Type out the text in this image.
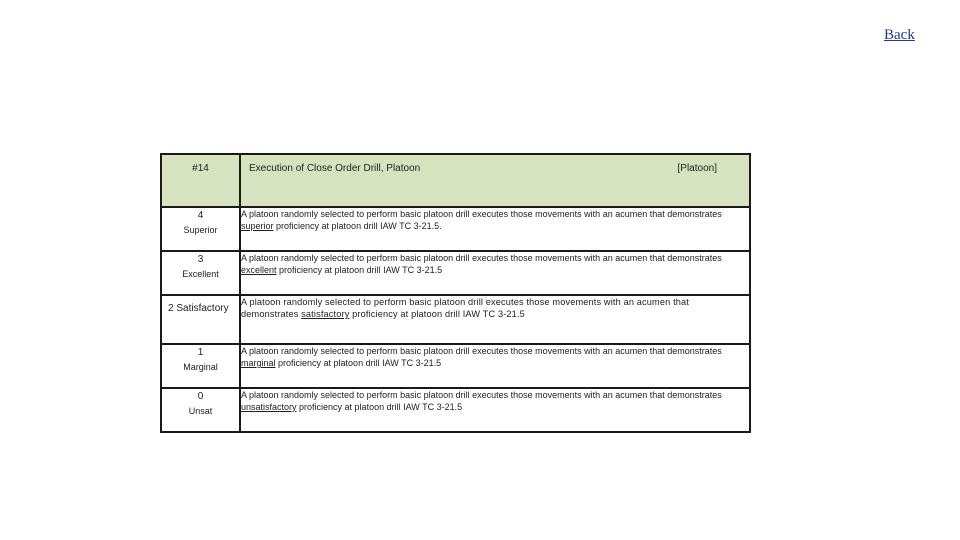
Back
#14	Execution of Close Order Drill, Platoon [Platoon]

4
Superior	A platoon randomly selected to perform basic platoon drill executes those movements with an acumen that demonstrates superior proficiency at platoon drill IAW TC 3-21.5.

3
Excellent	A platoon randomly selected to perform basic platoon drill executes those movements with an acumen that demonstrates excellent proficiency at platoon drill IAW TC 3-21.5
2 Satisfactory	A platoon randomly selected to perform basic platoon drill executes those movements with an acumen that demonstrates satisfactory proficiency at platoon drill IAW TC 3-21.5

1
Marginal	A platoon randomly selected to perform basic platoon drill executes those movements with an acumen that demonstrates marginal proficiency at platoon drill IAW TC 3-21.5

0
Unsat	A platoon randomly selected to perform basic platoon drill executes those movements with an acumen that demonstrates unsatisfactory proficiency at platoon drill IAW TC 3-21.5
